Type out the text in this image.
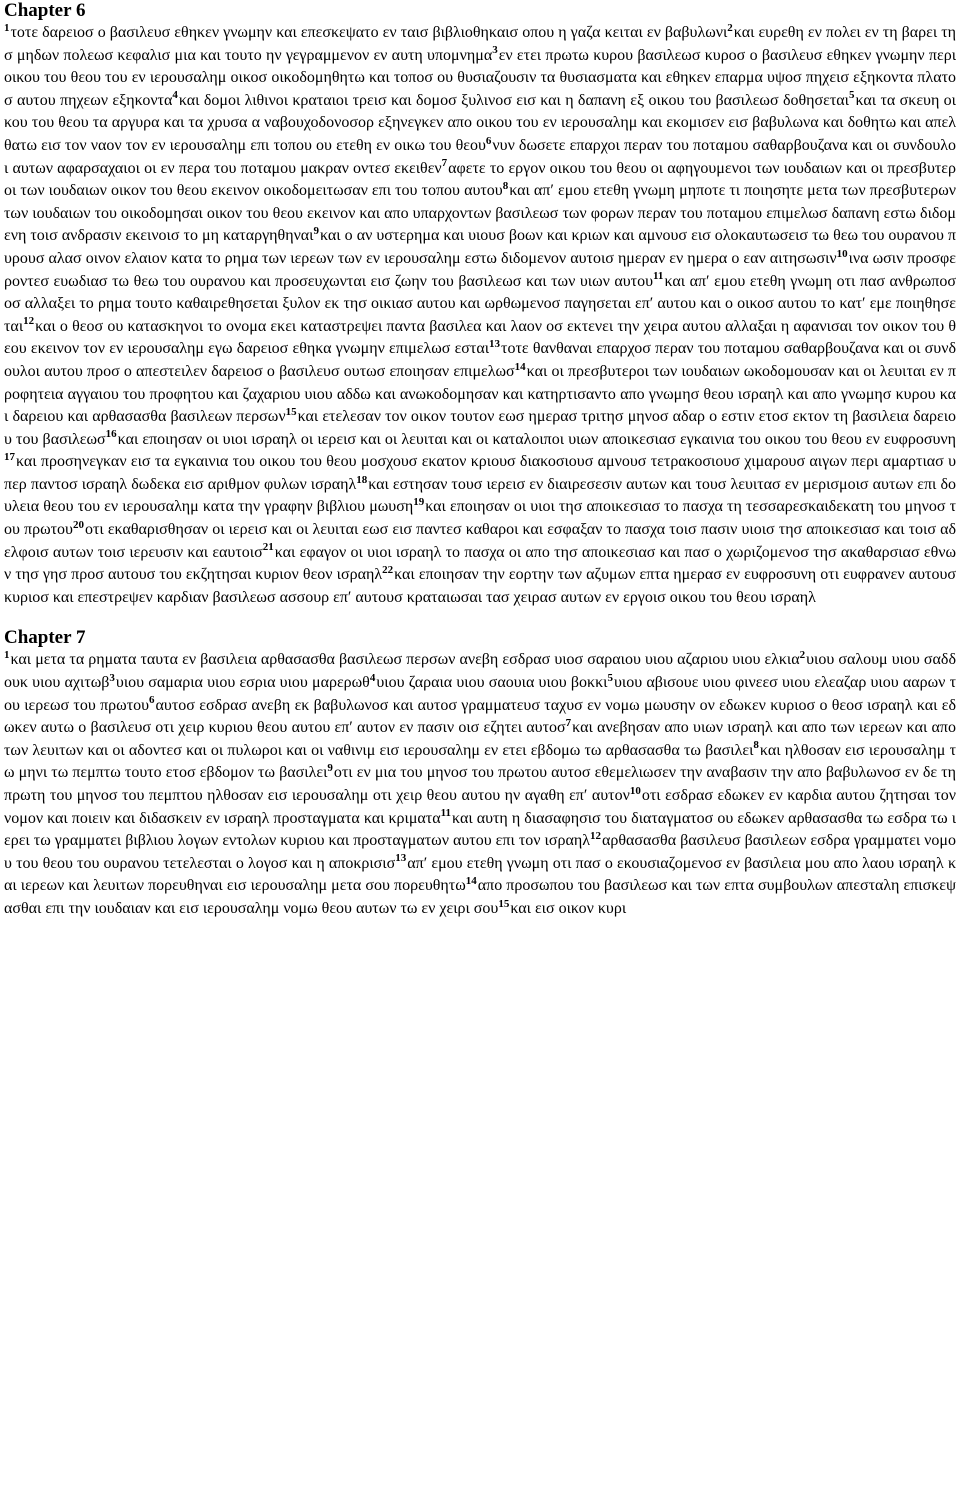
Chapter 6

$^1$τοτε δαρειοσ ο βασιλευσ εθηκεν γνωμην και επεσκεψατο εν ταισ βιβλιοθηκαισ οπου η γαζα κειται εν βαβυλωνι$^2$και ευρεθη εν πολει εν τη βαρει τησ μηδων πολεωσ κεφαλισ μια και τουτο ην γεγραμμενον εν αυτη υπομνημα$^3$εν ετει πρωτω κυρου βασιλεωσ κυροσ ο βασιλευσ εθηκεν γνωμην περι οικου του θεου του εν ιερουσαλημ οικοσ οικοδομηθητω και τοποσ ου θυσιαζουσιν τα θυσιασματα και εθηκεν επαρμα υψοσ πηχεισ εξηκοντα πλατοσ αυτου πηχεων εξηκοντα$^4$και δομοι λιθινοι κραταιοι τρεισ και δομοσ ξυλινοσ εισ και η δαπανη εξ οικου του βασιλεωσ δοθησεται$^5$και τα σκευη οικου του θεου τα αργυρα και τα χρυσα α ναβουχοδονοσορ εξηνεγκεν απο οικου του εν ιερουσαλημ και εκομισεν εισ βαβυλωνα και δοθητω και απελθατω εισ τον ναον τον εν ιερουσαλημ επι τοπου ου ετεθη εν οικω του θεου$^6$νυν δωσετε επαρχοι περαν του ποταμου σαθαρβουζανα και οι συνδουλοι αυτων αφαρσαχαιοι οι εν περα του ποταμου μακραν οντεσ εκειθεν$^7$αφετε το εργον οικου του θεου οι αφηγουμενοι των ιουδαιων και οι πρεσβυτεροι των ιουδαιων οικον του θεου εκεινον οικοδομειτωσαν επι του τοπου αυτου$^8$και απ′ εμου ετεθη γνωμη μηποτε τι ποιησητε μετα των πρεσβυτερων των ιουδαιων του οικοδομησαι οικον του θεου εκεινον και απο υπαρχοντων βασιλεωσ των φορων περαν του ποταμου επιμελωσ δαπανη εστω διδομενη τοισ ανδρασιν εκεινοισ το μη καταργηθηναι$^9$και ο αν υστερημα και υιουσ βοων και κριων και αμνουσ εισ ολοκαυτωσεισ τω θεω του ουρανου πυρουσ αλασ οινον ελαιον κατα το ρημα των ιερεων των εν ιερουσαλημ εστω διδομενον αυτοισ ημεραν εν ημερα ο εαν αιτησωσιν$^{10}$ινα ωσιν προσφεροντεσ ευωδιασ τω θεω του ουρανου και προσευχωνται εισ ζωην του βασιλεωσ και των υιων αυτου$^{11}$και απ′ εμου ετεθη γνωμη οτι πασ ανθρωποσ οσ αλλαξει το ρημα τουτο καθαιρεθησεται ξυλον εκ τησ οικιασ αυτου και ωρθωμενοσ παγησεται επ′ αυτου και ο οικοσ αυτου το κατ′ εμε ποιηθησεται$^{12}$και ο θεοσ ου κατασκηνοι το ονομα εκει καταστρεψει παντα βασιλεα και λαον οσ εκτενει την χειρα αυτου αλλαξαι η αφανισαι τον οικον του θεου εκεινον τον εν ιερουσαλημ εγω δαρειοσ εθηκα γνωμην επιμελωσ εσται$^{13}$τοτε θανθαναι επαρχοσ περαν του ποταμου σαθαρβουζανα και οι συνδουλοι αυτου προσ ο απεστειλεν δαρειοσ ο βασιλευσ ουτωσ εποιησαν επιμελωσ$^{14}$και οι πρεσβυτεροι των ιουδαιων ωκοδομουσαν και οι λευιται εν προφητεια αγγαιου του προφητου και ζαχαριου υιου αδδω και ανωκοδομησαν και κατηρτισαντο απο γνωμησ θεου ισραηλ και απο γνωμησ κυρου και δαρειου και αρθασασθα βασιλεων περσων$^{15}$και ετελεσαν τον οικον τουτον εωσ ημερασ τριτησ μηνοσ αδαρ ο εστιν ετοσ εκτον τη βασιλεια δαρειου του βασιλεωσ$^{16}$και εποιησαν οι υιοι ισραηλ οι ιερεισ και οι λευιται και οι καταλοιποι υιων αποικεσιασ εγκαινια του οικου του θεου εν ευφροσυνη$^{17}$και προσηνεγκαν εισ τα εγκαινια του οικου του θεου μοσχουσ εκατον κριουσ διακοσιουσ αμνουσ τετρακοσιουσ χιμαρουσ αιγων περι αμαρτιασ υπερ παντοσ ισραηλ δωδεκα εισ αριθμον φυλων ισραηλ$^{18}$και εστησαν τουσ ιερεισ εν διαιρεσεσιν αυτων και τουσ λευιτασ εν μερισμοισ αυτων επι δουλεια θεου του εν ιερουσαλημ κατα την γραφην βιβλιου μωυση$^{19}$και εποιησαν οι υιοι τησ αποικεσιασ το πασχα τη τεσσαρεσκαιδεκατη του μηνοσ του πρωτου$^{20}$οτι εκαθαρισθησαν οι ιερεισ και οι λευιται εωσ εισ παντεσ καθαροι και εσφαξαν το πασχα τοισ πασιν υιοισ τησ αποικεσιασ και τοισ αδελφοισ αυτων τοισ ιερευσιν και εαυτοισ$^{21}$και εφαγον οι υιοι ισραηλ το πασχα οι απο τησ αποικεσιασ και πασ ο χωριζομενοσ τησ ακαθαρσιασ εθνων τησ γησ προσ αυτουσ του εκζητησαι κυριον θεον ισραηλ$^{22}$και εποιησαν την εορτην των αζυμων επτα ημερασ εν ευφροσυνη οτι ευφρανεν αυτουσ κυριοσ και επεστρεψεν καρδιαν βασιλεωσ ασσουρ επ′ αυτουσ κραταιωσαι τασ χειρασ αυτων εν εργοισ οικου του θεου ισραηλ

Chapter 7

$^1$και μετα τα ρηματα ταυτα εν βασιλεια αρθασασθα βασιλεωσ περσων ανεβη εσδρασ υιοσ σαραιου υιου αζαριου υιου ελκια$^2$υιου σαλουμ υιου σαδδουκ υιου αχιτωβ$^3$υιου σαμαρια υιου εσρια υιου μαρερωθ$^4$υιου ζαραια υιου σαουια υιου βοκκι$^5$υιου αβισουε υιου φινεεσ υιου ελεαζαρ υιου ααρων του ιερεωσ του πρωτου$^6$αυτοσ εσδρασ ανεβη εκ βαβυλωνοσ και αυτοσ γραμματευσ ταχυσ εν νομω μωυσην ον εδωκεν κυριοσ ο θεοσ ισραηλ και εδωκεν αυτω ο βασιλευσ οτι χειρ κυριου θεου αυτου επ′ αυτον εν πασιν οισ εζητει αυτοσ$^7$και ανεβησαν απο υιων ισραηλ και απο των ιερεων και απο των λευιτων και οι αδοντεσ και οι πυλωροι και οι ναθινιμ εισ ιερουσαλημ εν ετει εβδομω τω αρθασασθα τω βασιλει$^8$και ηλθοσαν εισ ιερουσαλημ τω μηνι τω πεμπτω τουτο ετοσ εβδομον τω βασιλει$^9$οτι εν μια του μηνοσ του πρωτου αυτοσ εθεμελιωσεν την αναβασιν την απο βαβυλωνοσ εν δε τη πρωτη του μηνοσ του πεμπτου ηλθοσαν εισ ιερουσαλημ οτι χειρ θεου αυτου ην αγαθη επ′ αυτον$^{10}$οτι εσδρασ εδωκεν εν καρδια αυτου ζητησαι τον νομον και ποιειν και διδασκειν εν ισραηλ προσταγματα και κριματα$^{11}$και αυτη η διασαφησισ του διαταγματοσ ου εδωκεν αρθασασθα τω εσδρα τω ιερει τω γραμματει βιβλιου λογων εντολων κυριου και προσταγματων αυτου επι τον ισραηλ$^{12}$αρθασασθα βασιλευσ βασιλεων εσδρα γραμματει νομου του θεου του ουρανου τετελεσται ο λογοσ και η αποκρισισ$^{13}$απ′ εμου ετεθη γνωμη οτι πασ ο εκουσιαζομενοσ εν βασιλεια μου απο λαου ισραηλ και ιερεων και λευιτων πορευθηναι εισ ιερουσαλημ μετα σου πορευθητω$^{14}$απο προσωπου του βασιλεωσ και των επτα συμβουλων απεσταλη επισκεψασθαι επι την ιουδαιαν και εισ ιερουσαλημ νομω θεου αυτων τω εν χειρι σου$^{15}$και εισ οικον κυρι
